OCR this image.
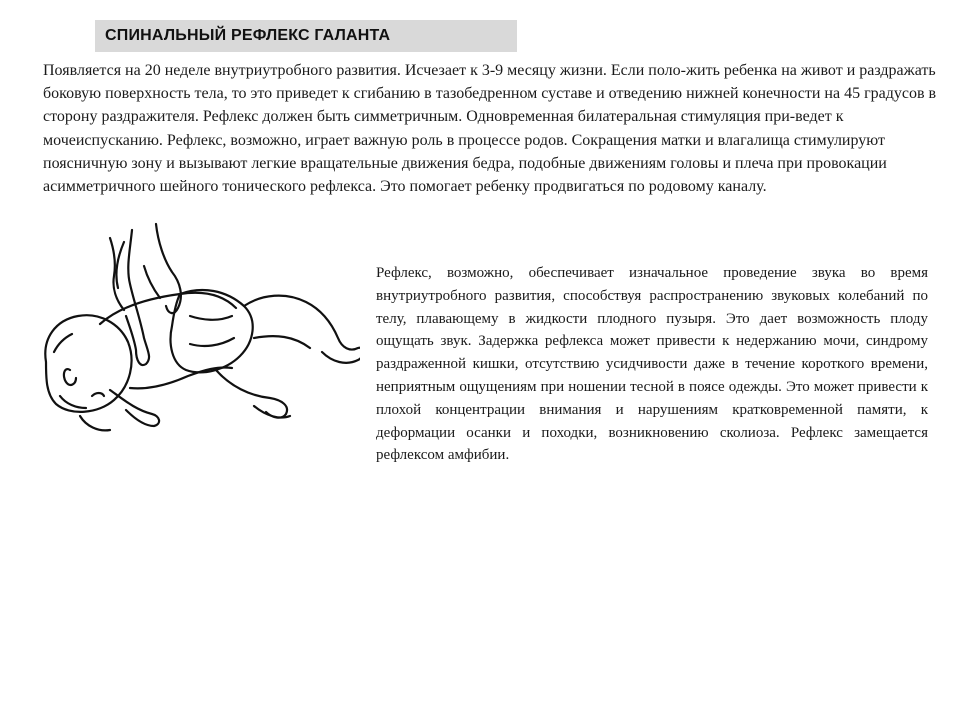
СПИНАЛЬНЫЙ РЕФЛЕКС ГАЛАНТА

Появляется на 20 неделе внутриутробного развития. Исчезает к 3-9 месяцу жизни. Если поло-жить ребенка на живот и раздражать боковую поверхность тела, то это приведет к сгибанию в тазобедренном суставе и отведению нижней конечности на 45 градусов в сторону раздражителя. Рефлекс должен быть симметричным. Одновременная билатеральная стимуляция при-ведет к мочеиспусканию. Рефлекс, возможно, играет важную роль в процессе родов. Сокращения матки и влагалища стимулируют поясничную зону и вызывают легкие вращательные движения бедра, подобные движениям головы и плеча при провокации асимметричного шейного тонического рефлекса. Это помогает ребенку продвигаться по родовому каналу.

Рефлекс, возможно, обеспечивает изначальное проведение звука во время внутриутробного развития, способствуя распространению звуковых колебаний по телу, плавающему в жидкости плодного пузыря. Это дает возможность плоду ощущать звук. Задержка рефлекса может привести к недержанию мочи, синдрому раздраженной кишки, отсутствию усидчивости даже в течение короткого времени, неприятным ощущениям при ношении тесной в поясе одежды. Это может привести к плохой концентрации внимания и нарушениям кратковременной памяти, к деформации осанки и походки, возникновению сколиоза. Рефлекс замещается рефлексом амфибии.
